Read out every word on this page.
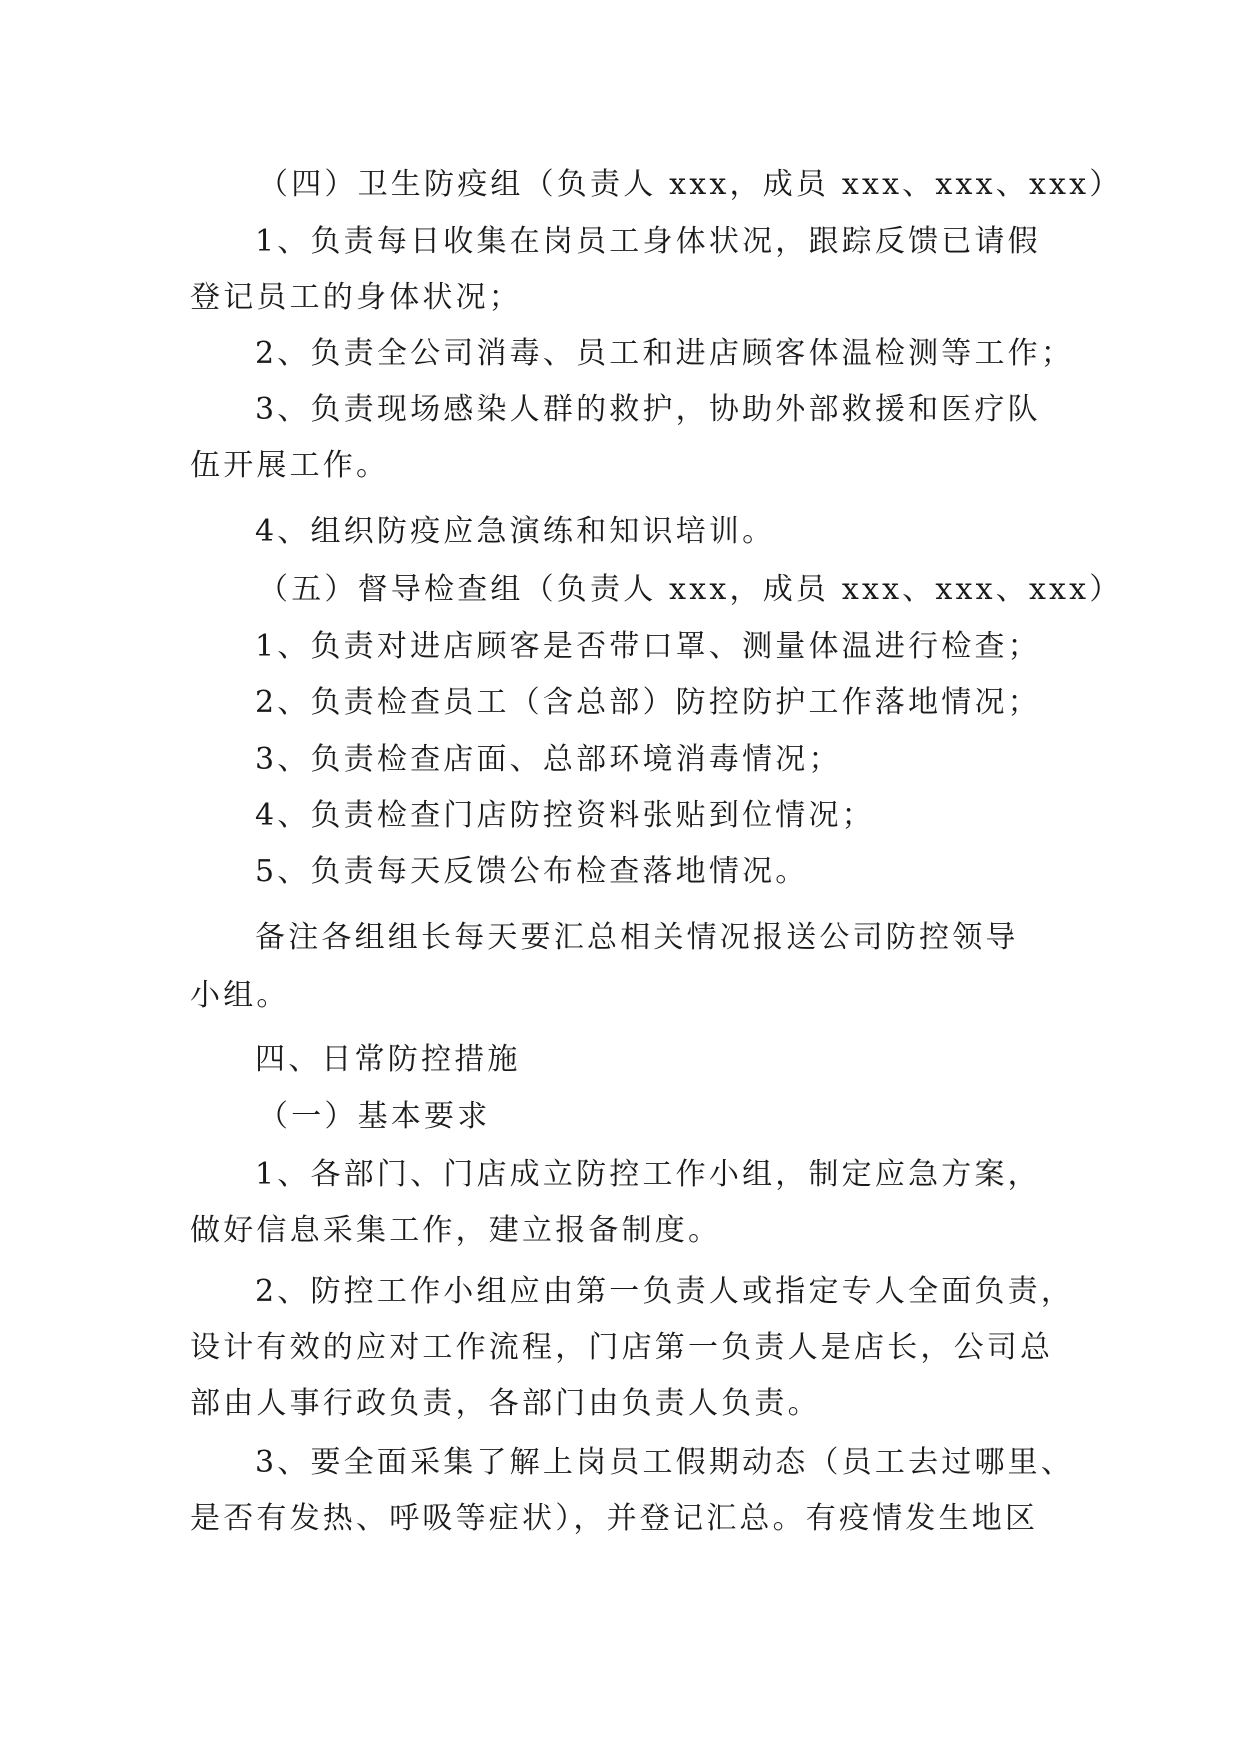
（四）卫生防疫组（负责人 xxx，成员 xxx、xxx、xxx）
1、负责每日收集在岗员工身体状况，跟踪反馈已请假
登记员工的身体状况；
2、负责全公司消毒、员工和进店顾客体温检测等工作；
3、负责现场感染人群的救护，协助外部救援和医疗队
伍开展工作。
4、组织防疫应急演练和知识培训。
（五）督导检查组（负责人 xxx，成员 xxx、xxx、xxx）
1、负责对进店顾客是否带口罩、测量体温进行检查；
2、负责检查员工（含总部）防控防护工作落地情况；
3、负责检查店面、总部环境消毒情况；
4、负责检查门店防控资料张贴到位情况；
5、负责每天反馈公布检查落地情况。
备注各组组长每天要汇总相关情况报送公司防控领导
小组。
四、日常防控措施
（一）基本要求
1、各部门、门店成立防控工作小组，制定应急方案，
做好信息采集工作，建立报备制度。
2、防控工作小组应由第一负责人或指定专人全面负责，
设计有效的应对工作流程，门店第一负责人是店长，公司总
部由人事行政负责，各部门由负责人负责。
3、要全面采集了解上岗员工假期动态（员工去过哪里、
是否有发热、呼吸等症状），并登记汇总。有疫情发生地区
